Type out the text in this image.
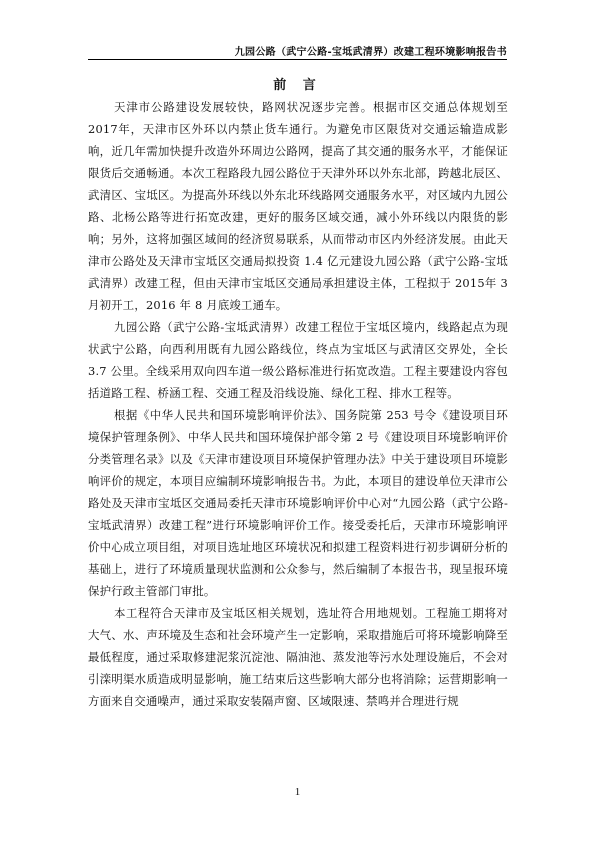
九园公路（武宁公路-宝坻武清界）改建工程环境影响报告书
前 言

天津市公路建设发展较快，路网状况逐步完善。根据市区交通总体规划至2017年，天津市区外环以内禁止货车通行。为避免市区限货对交通运输造成影响，近几年需加快提升改造外环周边公路网，提高了其交通的服务水平，才能保证限货后交通畅通。本次工程路段九园公路位于天津外环以外东北部，跨越北辰区、武清区、宝坻区。为提高外环线以外东北环线路网交通服务水平，对区域内九园公路、北杨公路等进行拓宽改建，更好的服务区域交通，减小外环线以内限货的影响；另外，这将加强区域间的经济贸易联系，从而带动市区内外经济发展。由此天津市公路处及天津市宝坻区交通局拟投资 1.4 亿元建设九园公路（武宁公路-宝坻武清界）改建工程，但由天津市宝坻区交通局承担建设主体，工程拟于 2015年 3 月初开工，2016 年 8 月底竣工通车。

九园公路（武宁公路-宝坻武清界）改建工程位于宝坻区境内，线路起点为现状武宁公路，向西利用既有九园公路线位，终点为宝坻区与武清区交界处，全长 3.7 公里。全线采用双向四车道一级公路标准进行拓宽改造。工程主要建设内容包括道路工程、桥涵工程、交通工程及沿线设施、绿化工程、排水工程等。

根据《中华人民共和国环境影响评价法》、国务院第 253 号令《建设项目环境保护管理条例》、中华人民共和国环境保护部令第 2 号《建设项目环境影响评价分类管理名录》以及《天津市建设项目环境保护管理办法》中关于建设项目环境影响评价的规定，本项目应编制环境影响报告书。为此，本项目的建设单位天津市公路处及天津市宝坻区交通局委托天津市环境影响评价中心对“九园公路（武宁公路-宝坻武清界）改建工程”进行环境影响评价工作。接受委托后，天津市环境影响评价中心成立项目组，对项目选址地区环境状况和拟建工程资料进行初步调研分析的基础上，进行了环境质量现状监测和公众参与，然后编制了本报告书，现呈报环境保护行政主管部门审批。

本工程符合天津市及宝坻区相关规划，选址符合用地规划。工程施工期将对大气、水、声环境及生态和社会环境产生一定影响，采取措施后可将环境影响降至最低程度，通过采取修建泥浆沉淀池、隔油池、蒸发池等污水处理设施后，不会对引滦明渠水质造成明显影响，施工结束后这些影响大部分也将消除；运营期影响一方面来自交通噪声，通过采取安装隔声窗、区域限速、禁鸣并合理进行规

1
